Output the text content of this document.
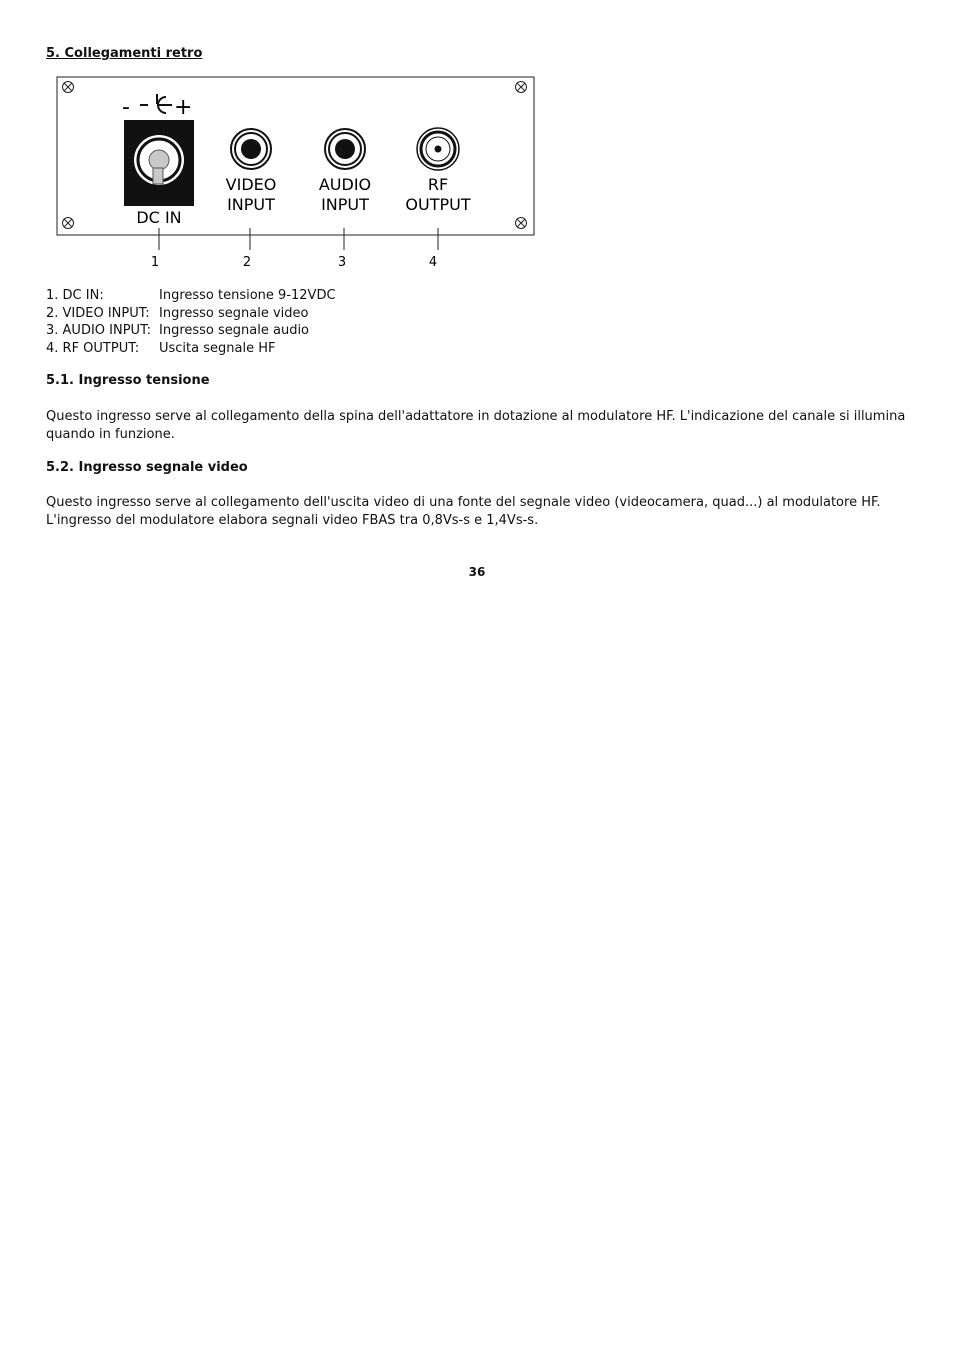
5. Collegamenti retro
- +
DC IN
VIDEO
INPUT
AUDIO
INPUT
RF
OUTPUT
1	2	3	4
1. DC IN:	Ingresso tensione 9-12VDC
2. VIDEO INPUT: Ingresso segnale video
3. AUDIO INPUT: Ingresso segnale audio
4. RF OUTPUT:	Uscita segnale HF
5.1. Ingresso tensione
Questo ingresso serve al collegamento della spina dell'adattatore in dotazione al modulatore HF. L'indicazione del canale si illumina quando in funzione.
5.2. Ingresso segnale video
Questo ingresso serve al collegamento dell'uscita video di una fonte del segnale video (videocamera, quad...) al modulatore HF.
L'ingresso del modulatore elabora segnali video FBAS tra 0,8Vs-s e 1,4Vs-s.
36
